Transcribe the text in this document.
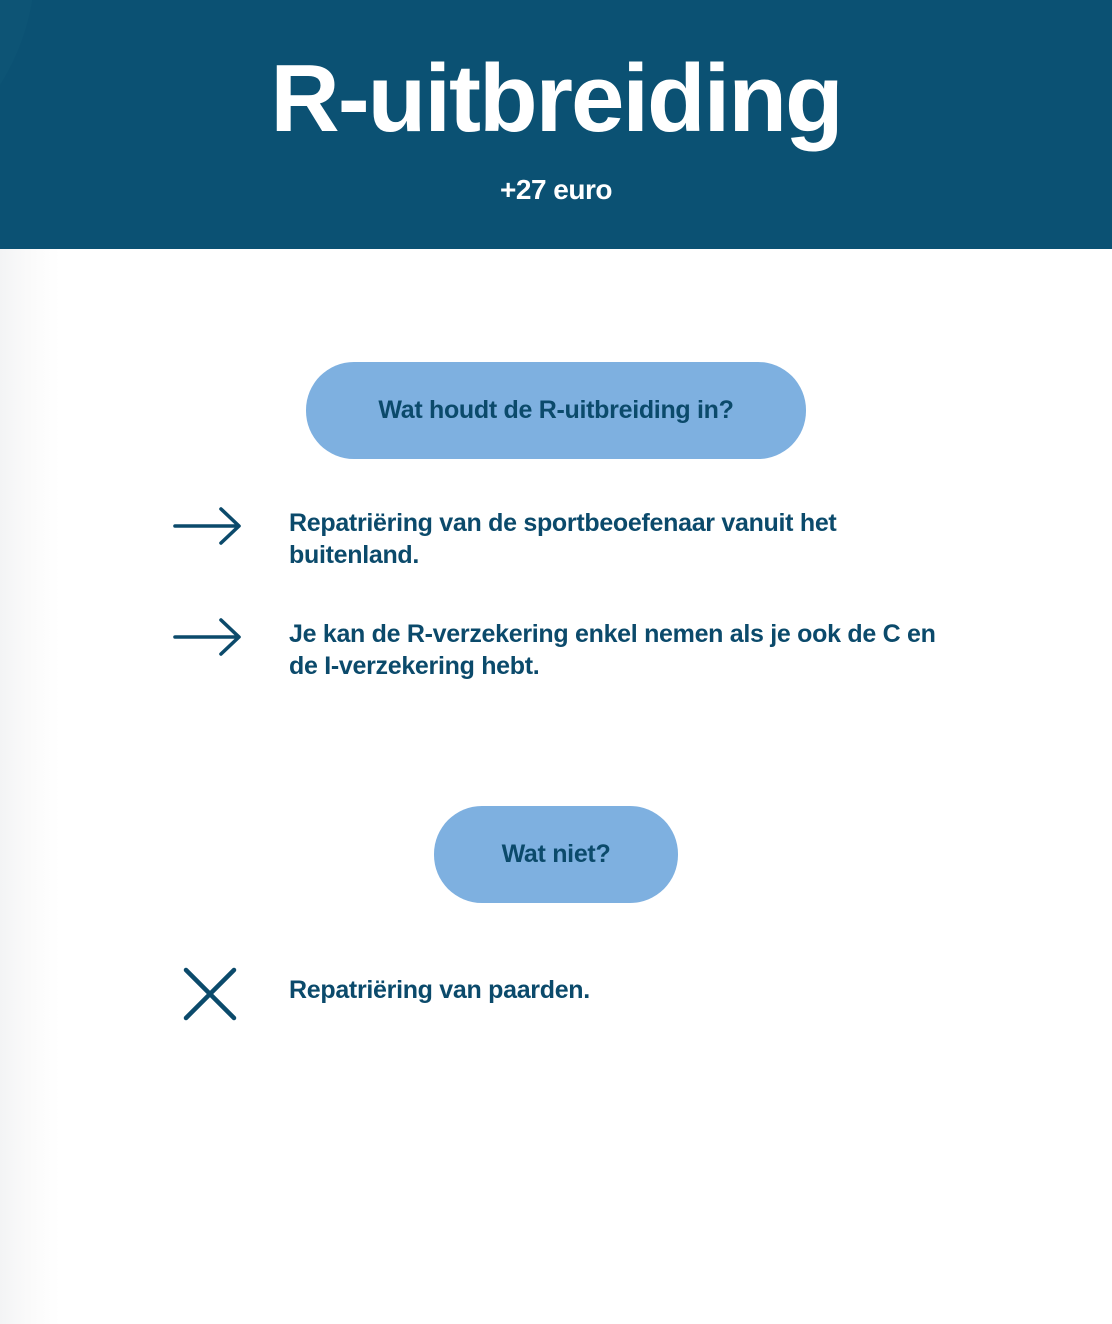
R-uitbreiding
+27 euro
Wat houdt de R-uitbreiding in?
Repatriëring van de sportbeoefenaar vanuit het buitenland.
Je kan de R-verzekering enkel nemen als je ook de C en de I-verzekering hebt.
Wat niet?
Repatriëring van paarden.
